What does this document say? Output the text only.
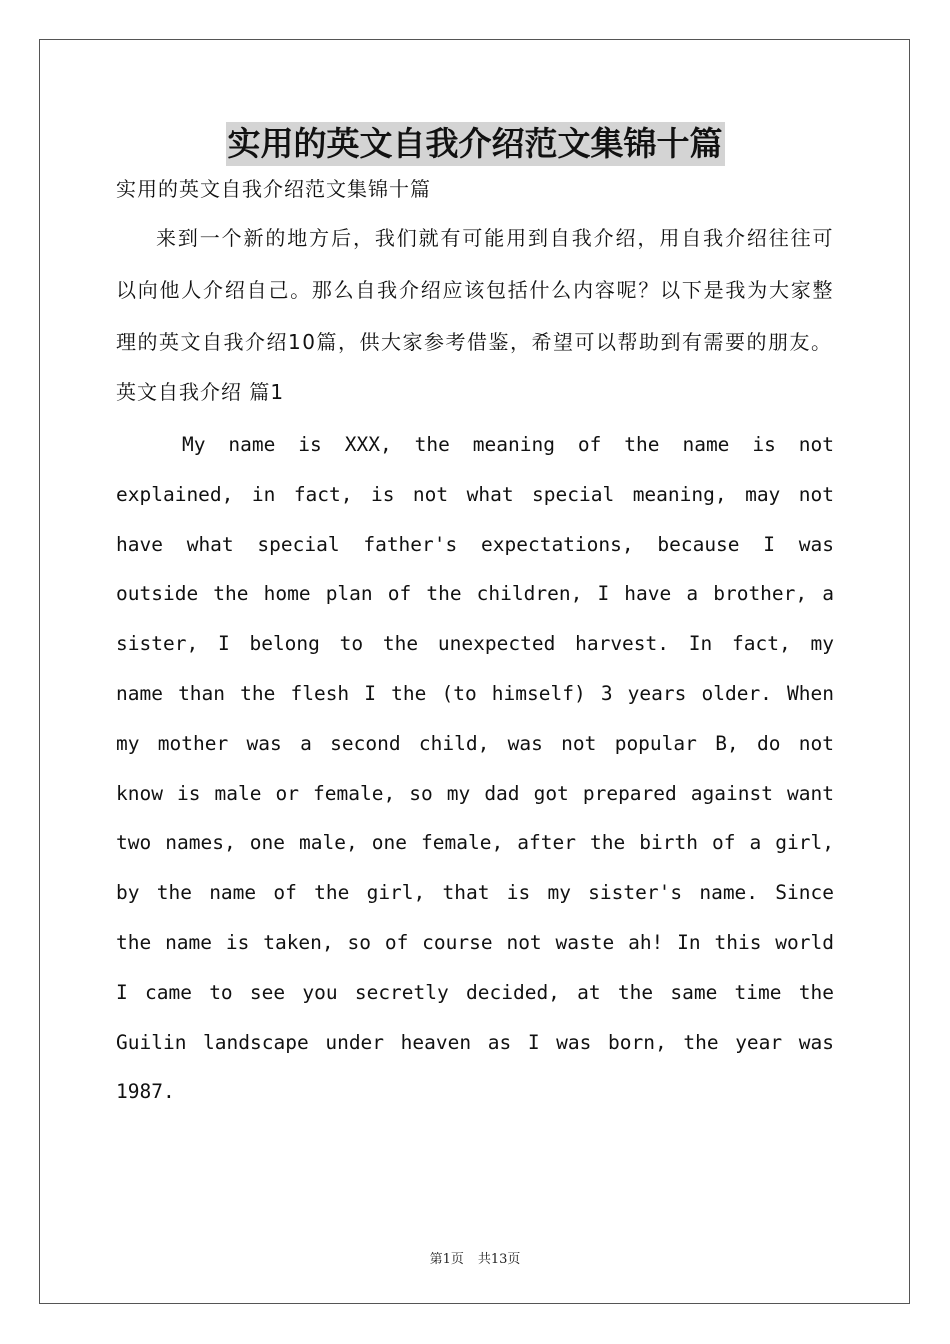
实用的英文自我介绍范文集锦十篇

实用的英文自我介绍范文集锦十篇

来到一个新的地方后，我们就有可能用到自我介绍，用自我介绍往往可以向他人介绍自己。那么自我介绍应该包括什么内容呢？以下是我为大家整理的英文自我介绍10篇，供大家参考借鉴，希望可以帮助到有需要的朋友。

英文自我介绍 篇1

My name is XXX, the meaning of the name is not explained, in fact, is not what special meaning, may not have what special father's expectations, because I was outside the home plan of the children, I have a brother, a sister, I belong to the unexpected harvest. In fact, my name than the flesh I the (to himself) 3 years older. When my mother was a second child, was not popular B, do not know is male or female, so my dad got prepared against want two names, one male, one female, after the birth of a girl, by the name of the girl, that is my sister's name. Since the name is taken, so of course not waste ah! In this world I came to see you secretly decided, at the same time the Guilin landscape under heaven as I was born, the year was 1987.

第1页 共13页
